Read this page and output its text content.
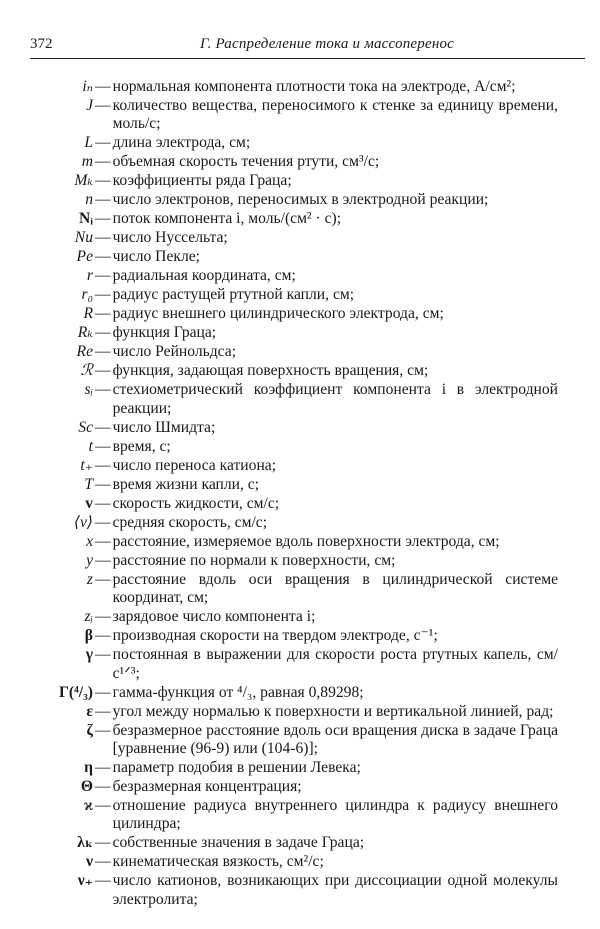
372	Г. Распределение тока и массоперенос
iₙ — нормальная компонента плотности тока на электроде, А/см²;
J — количество вещества, переносимого к стенке за единицу времени, моль/с;
L — длина электрода, см;
m — объемная скорость течения ртути, см³/с;
Mₖ — коэффициенты ряда Граца;
n — число электронов, переносимых в электродной реакции;
Nᵢ — поток компонента i, моль/(см² · с);
Nu — число Нуссельта;
Pe — число Пекле;
r — радиальная координата, см;
r₀ — радиус растущей ртутной капли, см;
R — радиус внешнего цилиндрического электрода, см;
Rₖ — функция Граца;
Re — число Рейнольдса;
ℛ — функция, задающая поверхность вращения, см;
sᵢ — стехиометрический коэффициент компонента i в электродной реакции;
Sc — число Шмидта;
t — время, с;
t₊ — число переноса катиона;
T — время жизни капли, с;
v — скорость жидкости, см/с;
⟨v⟩ — средняя скорость, см/с;
x — расстояние, измеряемое вдоль поверхности электрода, см;
y — расстояние по нормали к поверхности, см;
z — расстояние вдоль оси вращения в цилиндрической системе координат, см;
zᵢ — зарядовое число компонента i;
β — производная скорости на твердом электроде, с⁻¹;
γ — постоянная в выражении для скорости роста ртутных капель, см/с¹ᐟ³;
Γ(⁴/₃) — гамма-функция от ⁴/₃, равная 0,89298;
ε — угол между нормалью к поверхности и вертикальной линией, рад;
ζ — безразмерное расстояние вдоль оси вращения диска в задаче Граца [уравнение (96-9) или (104-6)];
η — параметр подобия в решении Левека;
Θ — безразмерная концентрация;
ϰ — отношение радиуса внутреннего цилиндра к радиусу внешнего цилиндра;
λₖ — собственные значения в задаче Граца;
ν — кинематическая вязкость, см²/с;
ν₊ — число катионов, возникающих при диссоциации одной молекулы электролита;
